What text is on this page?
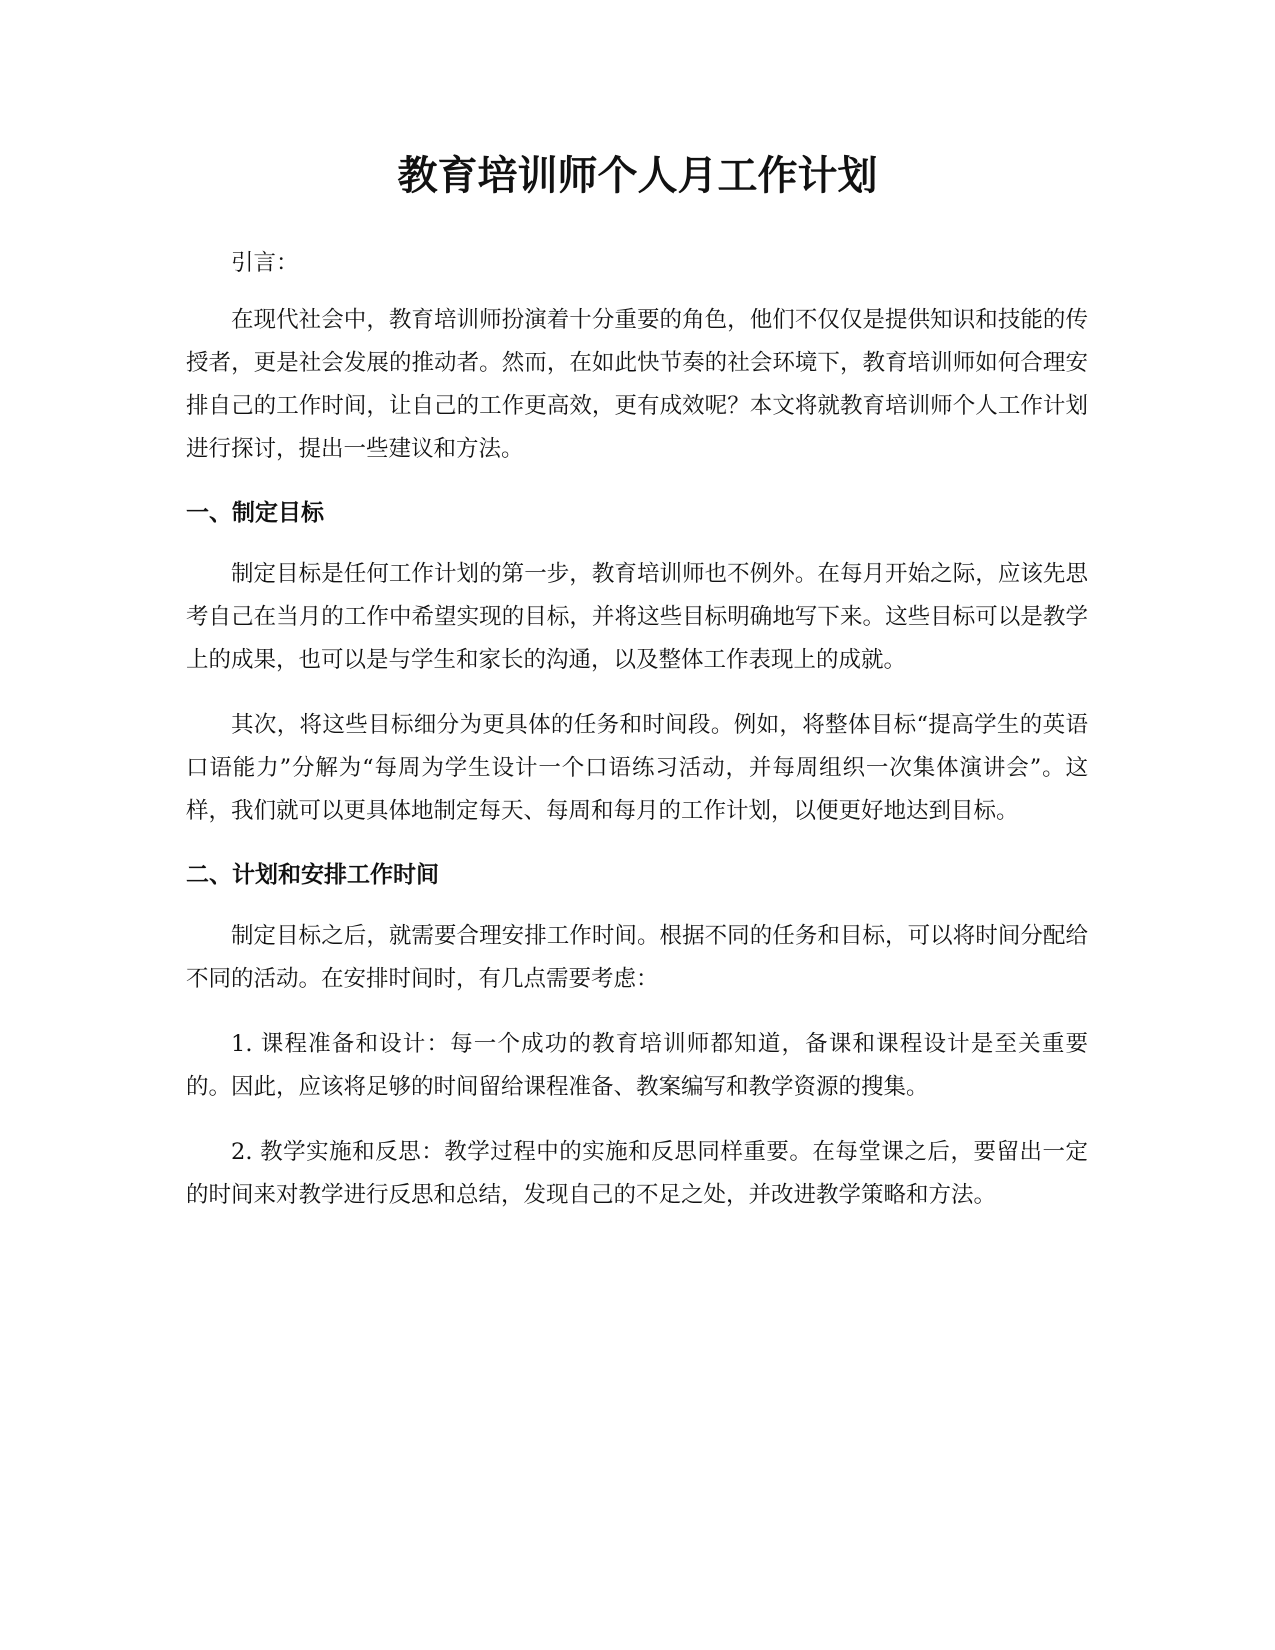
教育培训师个人月工作计划

引言：

在现代社会中，教育培训师扮演着十分重要的角色，他们不仅仅是提供知识和技能的传授者，更是社会发展的推动者。然而，在如此快节奏的社会环境下，教育培训师如何合理安排自己的工作时间，让自己的工作更高效，更有成效呢？本文将就教育培训师个人工作计划进行探讨，提出一些建议和方法。

一、制定目标

制定目标是任何工作计划的第一步，教育培训师也不例外。在每月开始之际，应该先思考自己在当月的工作中希望实现的目标，并将这些目标明确地写下来。这些目标可以是教学上的成果，也可以是与学生和家长的沟通，以及整体工作表现上的成就。

其次，将这些目标细分为更具体的任务和时间段。例如，将整体目标“提高学生的英语口语能力”分解为“每周为学生设计一个口语练习活动，并每周组织一次集体演讲会”。这样，我们就可以更具体地制定每天、每周和每月的工作计划，以便更好地达到目标。

二、计划和安排工作时间

制定目标之后，就需要合理安排工作时间。根据不同的任务和目标，可以将时间分配给不同的活动。在安排时间时，有几点需要考虑：

1. 课程准备和设计：每一个成功的教育培训师都知道，备课和课程设计是至关重要的。因此，应该将足够的时间留给课程准备、教案编写和教学资源的搜集。

2. 教学实施和反思：教学过程中的实施和反思同样重要。在每堂课之后，要留出一定的时间来对教学进行反思和总结，发现自己的不足之处，并改进教学策略和方法。
